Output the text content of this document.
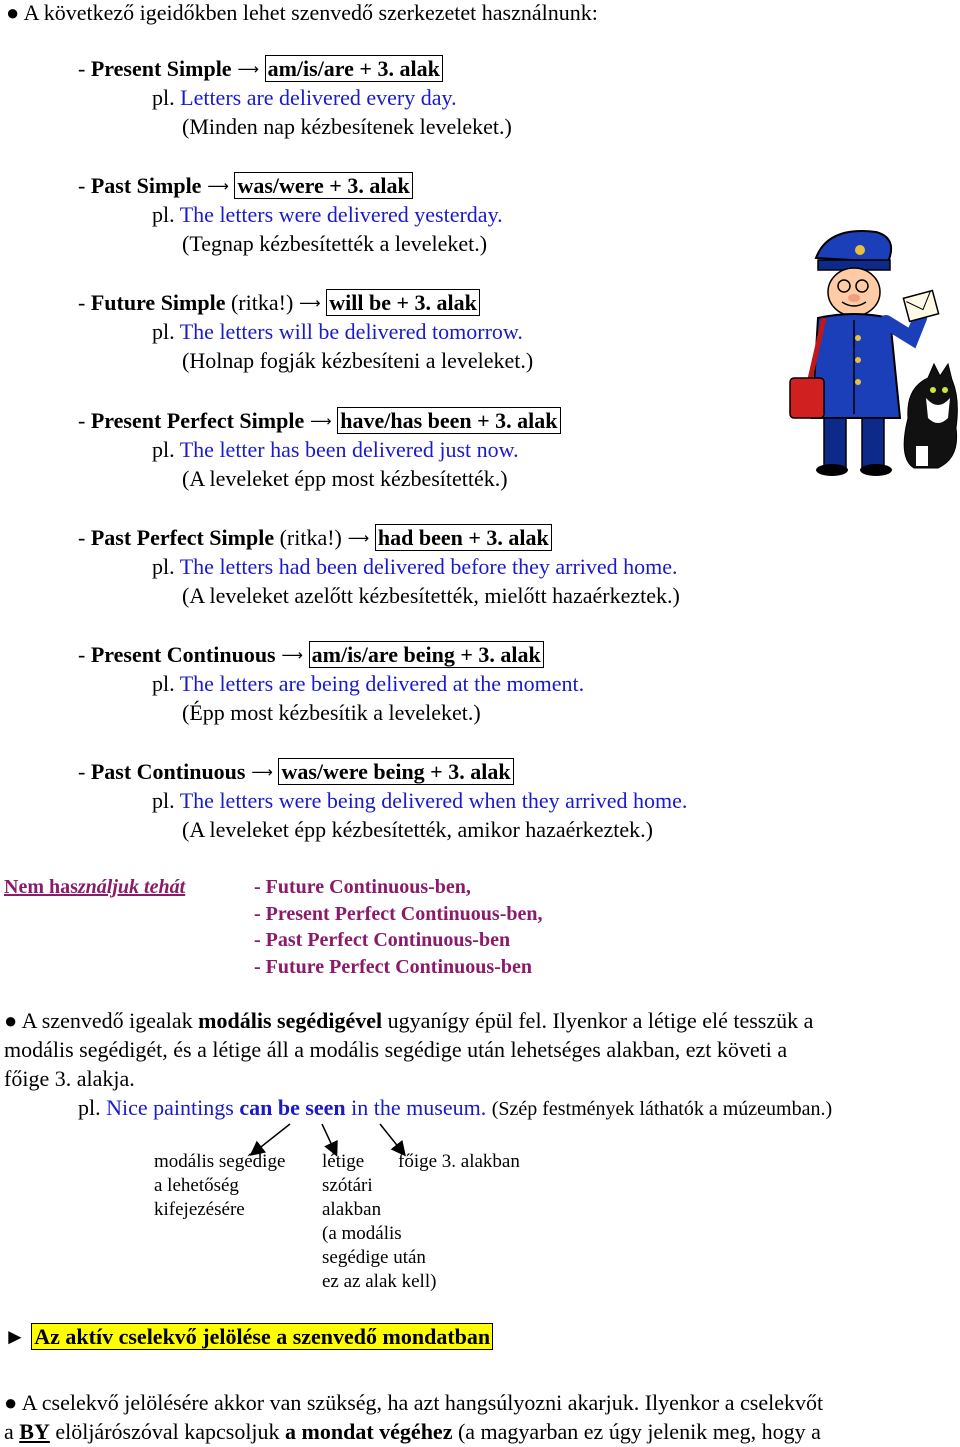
● A következő igeidőkben lehet szenvedő szerkezetet használnunk:
- Present Simple ⟶ am/is/are + 3. alak
pl. Letters are delivered every day.
(Minden nap kézbesítenek leveleket.)
- Past Simple ⟶ was/were + 3. alak
pl. The letters were delivered yesterday.
(Tegnap kézbesítették a leveleket.)
- Future Simple (ritka!) ⟶ will be + 3. alak
pl. The letters will be delivered tomorrow.
(Holnap fogják kézbesíteni a leveleket.)
- Present Perfect Simple ⟶ have/has been + 3. alak
pl. The letter has been delivered just now.
(A leveleket épp most kézbesítették.)
- Past Perfect Simple (ritka!) ⟶ had been + 3. alak
pl. The letters had been delivered before they arrived home.
(A leveleket azelőtt kézbesítették, mielőtt hazaérkeztek.)
- Present Continuous ⟶ am/is/are being + 3. alak
pl. The letters are being delivered at the moment.
(Épp most kézbesítik a leveleket.)
- Past Continuous ⟶ was/were being + 3. alak
pl. The letters were being delivered when they arrived home.
(A leveleket épp kézbesítették, amikor hazaérkeztek.)
Nem használjuk tehát	- Future Continuous-ben,
- Present Perfect Continuous-ben,
- Past Perfect Continuous-ben
- Future Perfect Continuous-ben
● A szenvedő igealak modális segédigével ugyanígy épül fel. Ilyenkor a létige elé tesszük a
modális segédigét, és a létige áll a modális segédige után lehetséges alakban, ezt követi a
főige 3. alakja.
pl. Nice paintings can be seen in the museum. (Szép festmények láthatók a múzeumban.)
modális segédige
a lehetőség
kifejezésére
létige
szótári
alakban
(a modális
segédige után
ez az alak kell)
főige 3. alakban
► Az aktív cselekvő jelölése a szenvedő mondatban
● A cselekvő jelölésére akkor van szükség, ha azt hangsúlyozni akarjuk. Ilyenkor a cselekvőt
a BY elöljárószóval kapcsoljuk a mondat végéhez (a magyarban ez úgy jelenik meg, hogy a
